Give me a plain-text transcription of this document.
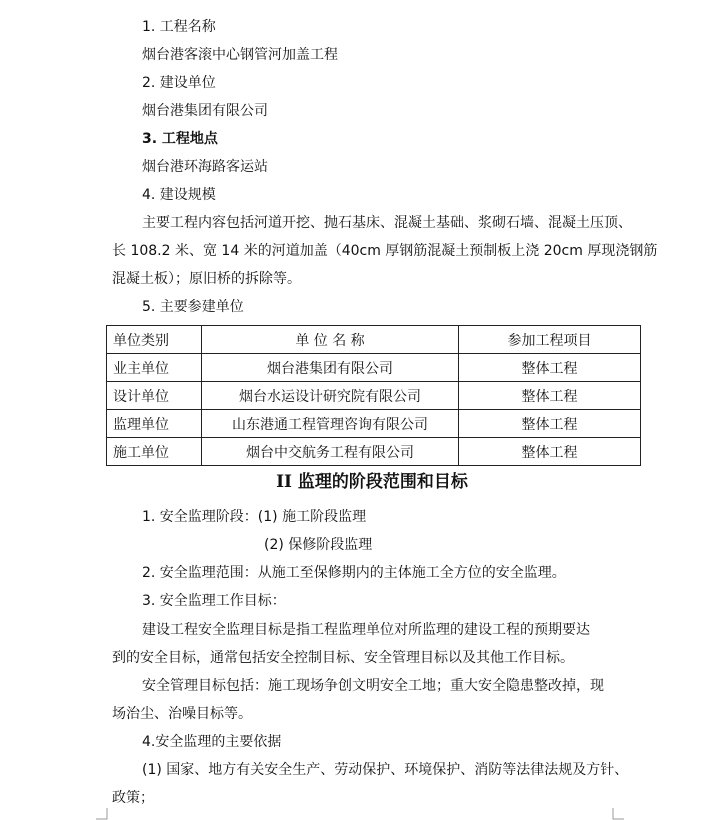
1. 工程名称
烟台港客滚中心钢管河加盖工程
2. 建设单位
烟台港集团有限公司
3. 工程地点
烟台港环海路客运站
4. 建设规模
主要工程内容包括河道开挖、抛石基床、混凝土基础、浆砌石墙、混凝土压顶、
长 108.2 米、宽 14 米的河道加盖（40cm 厚钢筋混凝土预制板上浇 20cm 厚现浇钢筋
混凝土板）；原旧桥的拆除等。
5. 主要参建单位
单位类别	单 位 名 称	参加工程项目
业主单位	烟台港集团有限公司	整体工程
设计单位	烟台水运设计研究院有限公司	整体工程
监理单位	山东港通工程管理咨询有限公司	整体工程
施工单位	烟台中交航务工程有限公司	整体工程
II 监理的阶段范围和目标
1. 安全监理阶段：(1) 施工阶段监理
(2) 保修阶段监理
2. 安全监理范围：从施工至保修期内的主体施工全方位的安全监理。
3. 安全监理工作目标：
建设工程安全监理目标是指工程监理单位对所监理的建设工程的预期要达
到的安全目标，通常包括安全控制目标、安全管理目标以及其他工作目标。
安全管理目标包括：施工现场争创文明安全工地；重大安全隐患整改掉，现
场治尘、治噪目标等。
4.安全监理的主要依据
(1) 国家、地方有关安全生产、劳动保护、环境保护、消防等法律法规及方针、
政策；
